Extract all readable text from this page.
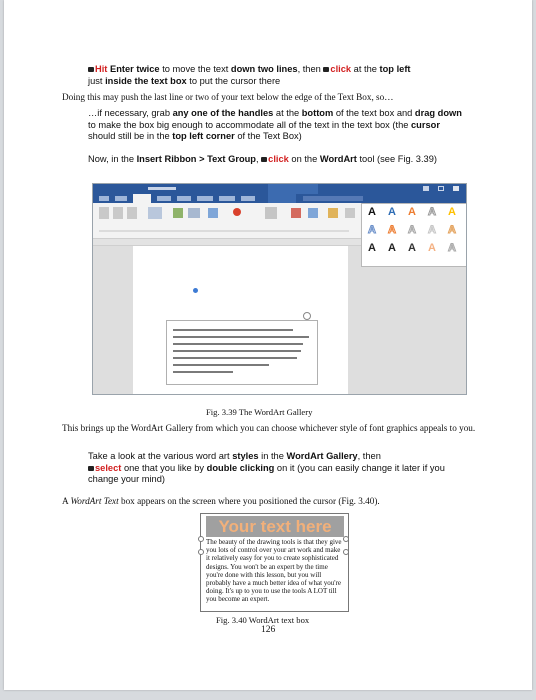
Hit Enter twice to move the text down two lines, then click at the top left
just inside the text box to put the cursor there
Doing this may push the last line or two of your text below the edge of the Text Box, so…
…if necessary, grab any one of the handles at the bottom of the text box and drag down to make the box big enough to accommodate all of the text in the text box (the cursor should still be in the top left corner of the Text Box)
Now, in the Insert Ribbon > Text Group, click on the WordArt tool (see Fig. 3.39)
A A A A A
A A A A A
A A A A A
Fig. 3.39 The WordArt Gallery
This brings up the WordArt Gallery from which you can choose whichever style of font graphics appeals to you.
Take a look at the various word art styles in the WordArt Gallery, then
select one that you like by double clicking on it (you can easily change it later if you change your mind)
A WordArt Text box appears on the screen where you positioned the cursor (Fig. 3.40).
Your text here
The beauty of the drawing tools is that they give you lots of control over your art work and make it relatively easy for you to create sophisticated designs. You won't be an expert by the time you're done with this lesson, but you will probably have a much better idea of what you're doing. It's up to you to use the tools A LOT till you become an expert.
Fig. 3.40 WordArt text box
126
